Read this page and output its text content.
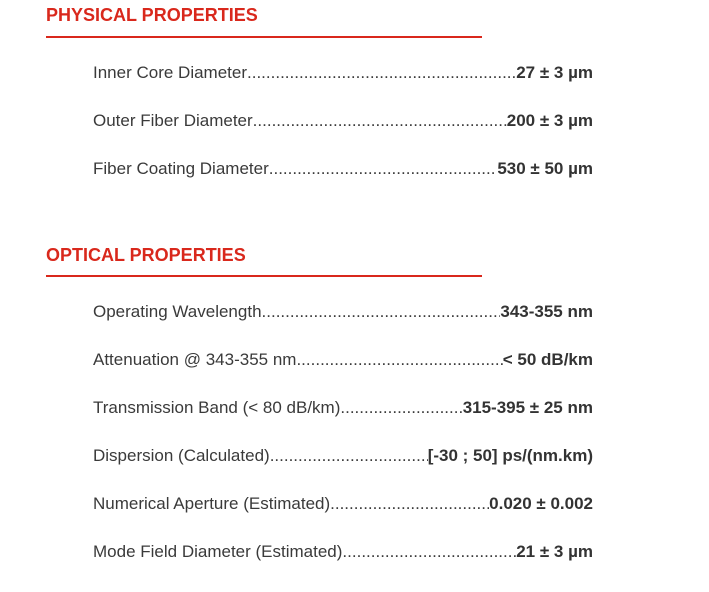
PHYSICAL PROPERTIES
Inner Core Diameter .....	27 ± 3 µm
Outer Fiber Diameter .....	200 ± 3 µm
Fiber Coating Diameter .....	530 ± 50 µm
OPTICAL PROPERTIES
Operating Wavelength .....	343-355 nm
Attenuation @ 343-355 nm .....	< 50 dB/km
Transmission Band (< 80 dB/km) .....	315-395 ± 25 nm
Dispersion (Calculated) .....	[-30 ; 50] ps/(nm.km)
Numerical Aperture (Estimated) .....	0.020 ± 0.002
Mode Field Diameter (Estimated) .....	21 ± 3 µm
